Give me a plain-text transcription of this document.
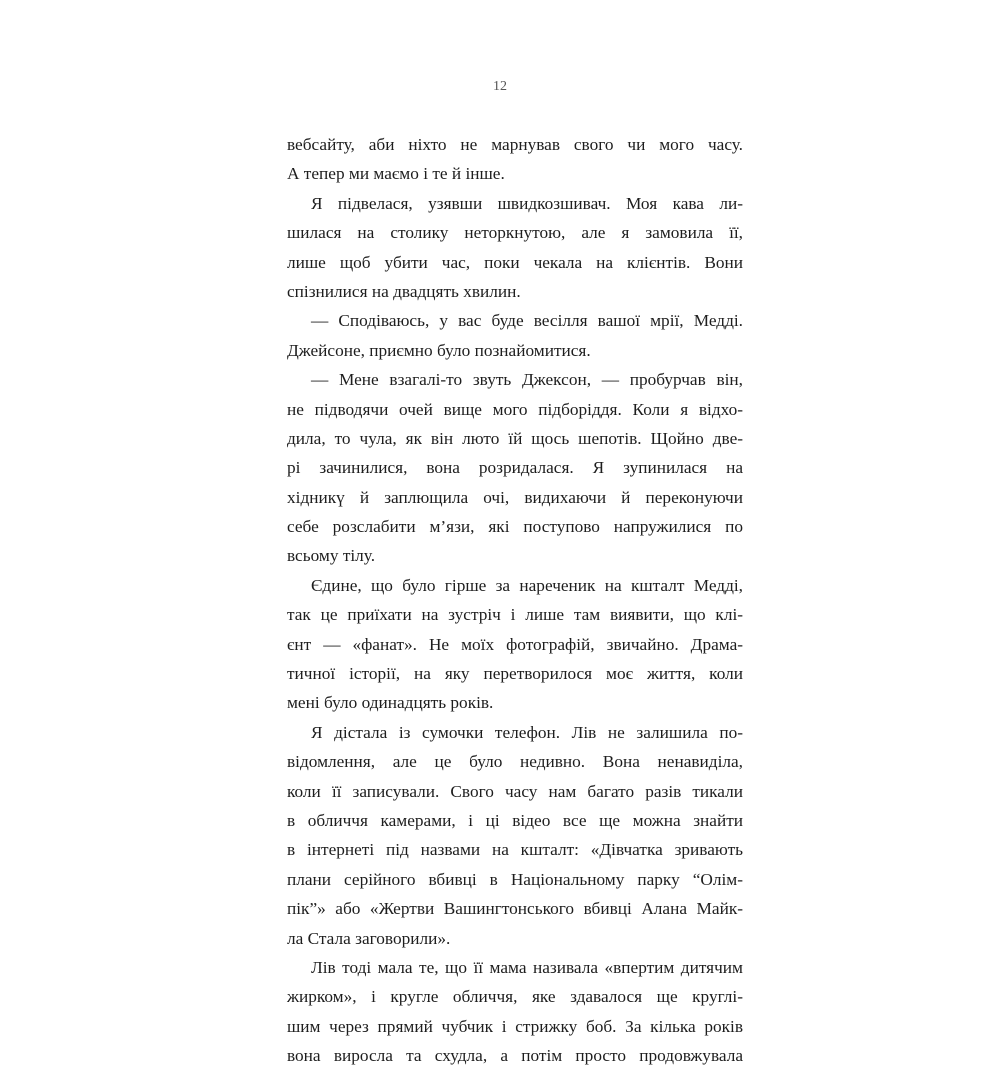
12
вебсайту, аби ніхто не марнував свого чи мого часу.
А тепер ми маємо і те й інше.
Я підвелася, узявши швидкозшивач. Моя кава ли-
шилася на столику неторкнутою, але я замовила її,
лише щоб убити час, поки чекала на клієнтів. Вони
спізнилися на двадцять хвилин.
— Сподіваюсь, у вас буде весілля вашої мрії, Медді.
Джейсоне, приємно було познайомитися.
— Мене взагалі-то звуть Джексон, — пробурчав він,
не підводячи очей вище мого підборіддя. Коли я відхо-
дила, то чула, як він люто їй щось шепотів. Щойно две-
рі зачинилися, вона розридалася. Я зупинилася на
хідникү й заплющила очі, видихаючи й переконуючи
себе розслабити м’язи, які поступово напружилися по
всьому тілу.
Єдине, що було гірше за нареченик на кшталт Медді,
так це приїхати на зустріч і лише там виявити, що клі-
єнт — «фанат». Не моїх фотографій, звичайно. Драма-
тичної історії, на яку перетворилося моє життя, коли
мені було одинадцять років.
Я дістала із сумочки телефон. Лів не залишила по-
відомлення, але це було недивно. Вона ненавиділа,
коли її записували. Свого часу нам багато разів тикали
в обличчя камерами, і ці відео все ще можна знайти
в інтернеті під назвами на кшталт: «Дівчатка зривають
плани серійного вбивці в Національному парку “Олім-
пік”» або «Жертви Вашингтонського вбивці Алана Майк-
ла Стала заговорили».
Лів тоді мала те, що її мама називала «впертим дитячим
жирком», і кругле обличчя, яке здавалося ще круглі-
шим через прямий чубчик і стрижку боб. За кілька років
вона виросла та схудла, а потім просто продовжувала
